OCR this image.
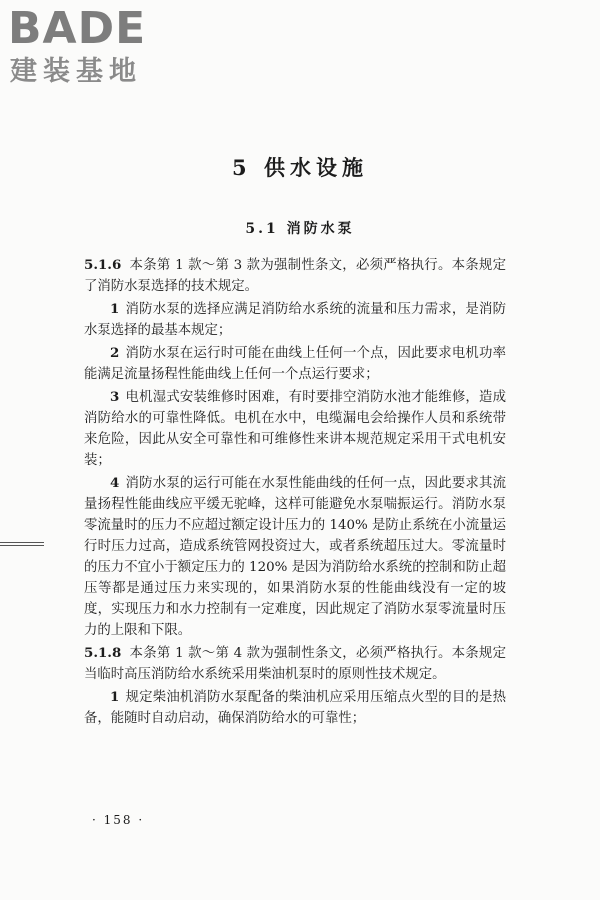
BADE
建装基地
5 供水设施
5.1 消防水泵

5.1.6 本条第 1 款～第 3 款为强制性条文，必须严格执行。本条规定了消防水泵选择的技术规定。

1 消防水泵的选择应满足消防给水系统的流量和压力需求，是消防水泵选择的最基本规定；

2 消防水泵在运行时可能在曲线上任何一个点，因此要求电机功率能满足流量扬程性能曲线上任何一个点运行要求；

3 电机湿式安装维修时困难，有时要排空消防水池才能维修，造成消防给水的可靠性降低。电机在水中，电缆漏电会给操作人员和系统带来危险，因此从安全可靠性和可维修性来讲本规范规定采用干式电机安装；

4 消防水泵的运行可能在水泵性能曲线的任何一点，因此要求其流量扬程性能曲线应平缓无驼峰，这样可能避免水泵喘振运行。消防水泵零流量时的压力不应超过额定设计压力的 140% 是防止系统在小流量运行时压力过高，造成系统管网投资过大，或者系统超压过大。零流量时的压力不宜小于额定压力的 120% 是因为消防给水系统的控制和防止超压等都是通过压力来实现的，如果消防水泵的性能曲线没有一定的坡度，实现压力和水力控制有一定难度，因此规定了消防水泵零流量时压力的上限和下限。

5.1.8 本条第 1 款～第 4 款为强制性条文，必须严格执行。本条规定当临时高压消防给水系统采用柴油机泵时的原则性技术规定。

1 规定柴油机消防水泵配备的柴油机应采用压缩点火型的目的是热备，能随时自动启动，确保消防给水的可靠性；

· 158 ·
